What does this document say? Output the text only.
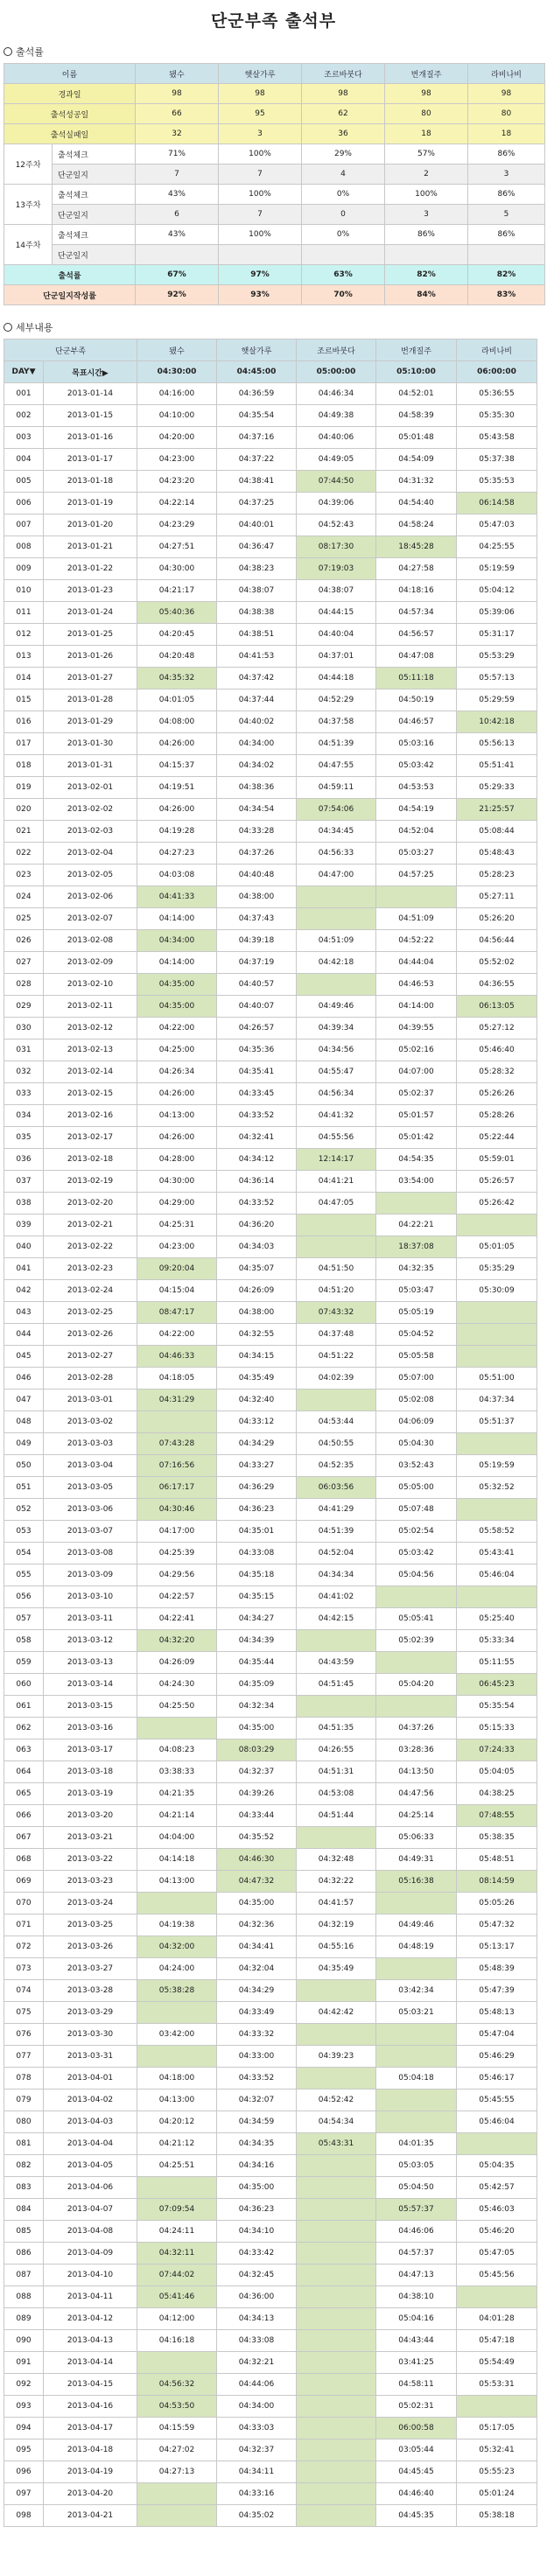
단군부족 출석부
출석률
이름		됐수	햇살가루	조르바붓다	번개질주	라비나비
경과일		98	98	98	98	98
출석성공일		66	95	62	80	80
출석실패일		32	3	36	18	18
12주차	출석체크	71%	100%	29%	57%	86%
	단군일지	7	7	4	2	3
13주차	출석체크	43%	100%	0%	100%	86%
	단군일지	6	7	0	3	5
14주차	출석체크	43%	100%	0%	86%	86%
	단군일지					
출석률		67%	97%	63%	82%	82%
단군일지작성률		92%	93%	70%	84%	83%
세부내용
단군부족		됐수	햇살가루	조르바붓다	번개질주	라비나비
DAY▼	목표시간▶	04:30:00	04:45:00	05:00:00	05:10:00	06:00:00
001	2013-01-14	04:16:00	04:36:59	04:46:34	04:52:01	05:36:55
002	2013-01-15	04:10:00	04:35:54	04:49:38	04:58:39	05:35:30
003	2013-01-16	04:20:00	04:37:16	04:40:06	05:01:48	05:43:58
004	2013-01-17	04:23:00	04:37:22	04:49:05	04:54:09	05:37:38
005	2013-01-18	04:23:20	04:38:41	07:44:50	04:31:32	05:35:53
006	2013-01-19	04:22:14	04:37:25	04:39:06	04:54:40	06:14:58
007	2013-01-20	04:23:29	04:40:01	04:52:43	04:58:24	05:47:03
008	2013-01-21	04:27:51	04:36:47	08:17:30	18:45:28	04:25:55
009	2013-01-22	04:30:00	04:38:23	07:19:03	04:27:58	05:19:59
010	2013-01-23	04:21:17	04:38:07	04:38:07	04:18:16	05:04:12
011	2013-01-24	05:40:36	04:38:38	04:44:15	04:57:34	05:39:06
012	2013-01-25	04:20:45	04:38:51	04:40:04	04:56:57	05:31:17
013	2013-01-26	04:20:48	04:41:53	04:37:01	04:47:08	05:53:29
014	2013-01-27	04:35:32	04:37:42	04:44:18	05:11:18	05:57:13
015	2013-01-28	04:01:05	04:37:44	04:52:29	04:50:19	05:29:59
016	2013-01-29	04:08:00	04:40:02	04:37:58	04:46:57	10:42:18
017	2013-01-30	04:26:00	04:34:00	04:51:39	05:03:16	05:56:13
018	2013-01-31	04:15:37	04:34:02	04:47:55	05:03:42	05:51:41
019	2013-02-01	04:19:51	04:38:36	04:59:11	04:53:53	05:29:33
020	2013-02-02	04:26:00	04:34:54	07:54:06	04:54:19	21:25:57
021	2013-02-03	04:19:28	04:33:28	04:34:45	04:52:04	05:08:44
022	2013-02-04	04:27:23	04:37:26	04:56:33	05:03:27	05:48:43
023	2013-02-05	04:03:08	04:40:48	04:47:00	04:57:25	05:28:23
024	2013-02-06	04:41:33	04:38:00			05:27:11
025	2013-02-07	04:14:00	04:37:43		04:51:09	05:26:20
026	2013-02-08	04:34:00	04:39:18	04:51:09	04:52:22	04:56:44
027	2013-02-09	04:14:00	04:37:19	04:42:18	04:44:04	05:52:02
028	2013-02-10	04:35:00	04:40:57		04:46:53	04:36:55
029	2013-02-11	04:35:00	04:40:07	04:49:46	04:14:00	06:13:05
030	2013-02-12	04:22:00	04:26:57	04:39:34	04:39:55	05:27:12
031	2013-02-13	04:25:00	04:35:36	04:34:56	05:02:16	05:46:40
032	2013-02-14	04:26:34	04:35:41	04:55:47	04:07:00	05:28:32
033	2013-02-15	04:26:00	04:33:45	04:56:34	05:02:37	05:26:26
034	2013-02-16	04:13:00	04:33:52	04:41:32	05:01:57	05:28:26
035	2013-02-17	04:26:00	04:32:41	04:55:56	05:01:42	05:22:44
036	2013-02-18	04:28:00	04:34:12	12:14:17	04:54:35	05:59:01
037	2013-02-19	04:30:00	04:36:14	04:41:21	03:54:00	05:26:57
038	2013-02-20	04:29:00	04:33:52	04:47:05		05:26:42
039	2013-02-21	04:25:31	04:36:20		04:22:21	
040	2013-02-22	04:23:00	04:34:03		18:37:08	05:01:05
041	2013-02-23	09:20:04	04:35:07	04:51:50	04:32:35	05:35:29
042	2013-02-24	04:15:04	04:26:09	04:51:20	05:03:47	05:30:09
043	2013-02-25	08:47:17	04:38:00	07:43:32	05:05:19	
044	2013-02-26	04:22:00	04:32:55	04:37:48	05:04:52	
045	2013-02-27	04:46:33	04:34:15	04:51:22	05:05:58	
046	2013-02-28	04:18:05	04:35:49	04:02:39	05:07:00	05:51:00
047	2013-03-01	04:31:29	04:32:40		05:02:08	04:37:34
048	2013-03-02		04:33:12	04:53:44	04:06:09	05:51:37
049	2013-03-03	07:43:28	04:34:29	04:50:55	05:04:30	
050	2013-03-04	07:16:56	04:33:27	04:52:35	03:52:43	05:19:59
051	2013-03-05	06:17:17	04:36:29	06:03:56	05:05:00	05:32:52
052	2013-03-06	04:30:46	04:36:23	04:41:29	05:07:48	
053	2013-03-07	04:17:00	04:35:01	04:51:39	05:02:54	05:58:52
054	2013-03-08	04:25:39	04:33:08	04:52:04	05:03:42	05:43:41
055	2013-03-09	04:29:56	04:35:18	04:34:34	05:04:56	05:46:04
056	2013-03-10	04:22:57	04:35:15	04:41:02		
057	2013-03-11	04:22:41	04:34:27	04:42:15	05:05:41	05:25:40
058	2013-03-12	04:32:20	04:34:39		05:02:39	05:33:34
059	2013-03-13	04:26:09	04:35:44	04:43:59		05:11:55
060	2013-03-14	04:24:30	04:35:09	04:51:45	05:04:20	06:45:23
061	2013-03-15	04:25:50	04:32:34			05:35:54
062	2013-03-16		04:35:00	04:51:35	04:37:26	05:15:33
063	2013-03-17	04:08:23	08:03:29	04:26:55	03:28:36	07:24:33
064	2013-03-18	03:38:33	04:32:37	04:51:31	04:13:50	05:04:05
065	2013-03-19	04:21:35	04:39:26	04:53:08	04:47:56	04:38:25
066	2013-03-20	04:21:14	04:33:44	04:51:44	04:25:14	07:48:55
067	2013-03-21	04:04:00	04:35:52		05:06:33	05:38:35
068	2013-03-22	04:14:18	04:46:30	04:32:48	04:49:31	05:48:51
069	2013-03-23	04:13:00	04:47:32	04:32:22	05:16:38	08:14:59
070	2013-03-24		04:35:00	04:41:57		05:05:26
071	2013-03-25	04:19:38	04:32:36	04:32:19	04:49:46	05:47:32
072	2013-03-26	04:32:00	04:34:41	04:55:16	04:48:19	05:13:17
073	2013-03-27	04:24:00	04:32:04	04:35:49		05:48:39
074	2013-03-28	05:38:28	04:34:29		03:42:34	05:47:39
075	2013-03-29		04:33:49	04:42:42	05:03:21	05:48:13
076	2013-03-30	03:42:00	04:33:32			05:47:04
077	2013-03-31		04:33:00	04:39:23		05:46:29
078	2013-04-01	04:18:00	04:33:52		05:04:18	05:46:17
079	2013-04-02	04:13:00	04:32:07	04:52:42		05:45:55
080	2013-04-03	04:20:12	04:34:59	04:54:34		05:46:04
081	2013-04-04	04:21:12	04:34:35	05:43:31	04:01:35	
082	2013-04-05	04:25:51	04:34:16		05:03:05	05:04:35
083	2013-04-06		04:35:00		05:04:50	05:42:57
084	2013-04-07	07:09:54	04:36:23		05:57:37	05:46:03
085	2013-04-08	04:24:11	04:34:10		04:46:06	05:46:20
086	2013-04-09	04:32:11	04:33:42		04:57:37	05:47:05
087	2013-04-10	07:44:02	04:32:45		04:47:13	05:45:56
088	2013-04-11	05:41:46	04:36:00		04:38:10	
089	2013-04-12	04:12:00	04:34:13		05:04:16	04:01:28
090	2013-04-13	04:16:18	04:33:08		04:43:44	05:47:18
091	2013-04-14		04:32:21		03:41:25	05:54:49
092	2013-04-15	04:56:32	04:44:06		04:58:11	05:53:31
093	2013-04-16	04:53:50	04:34:00		05:02:31	
094	2013-04-17	04:15:59	04:33:03		06:00:58	05:17:05
095	2013-04-18	04:27:02	04:32:37		03:05:44	05:32:41
096	2013-04-19	04:27:13	04:34:11		04:45:45	05:55:23
097	2013-04-20		04:33:16		04:46:40	05:01:24
098	2013-04-21		04:35:02		04:45:35	05:38:18
